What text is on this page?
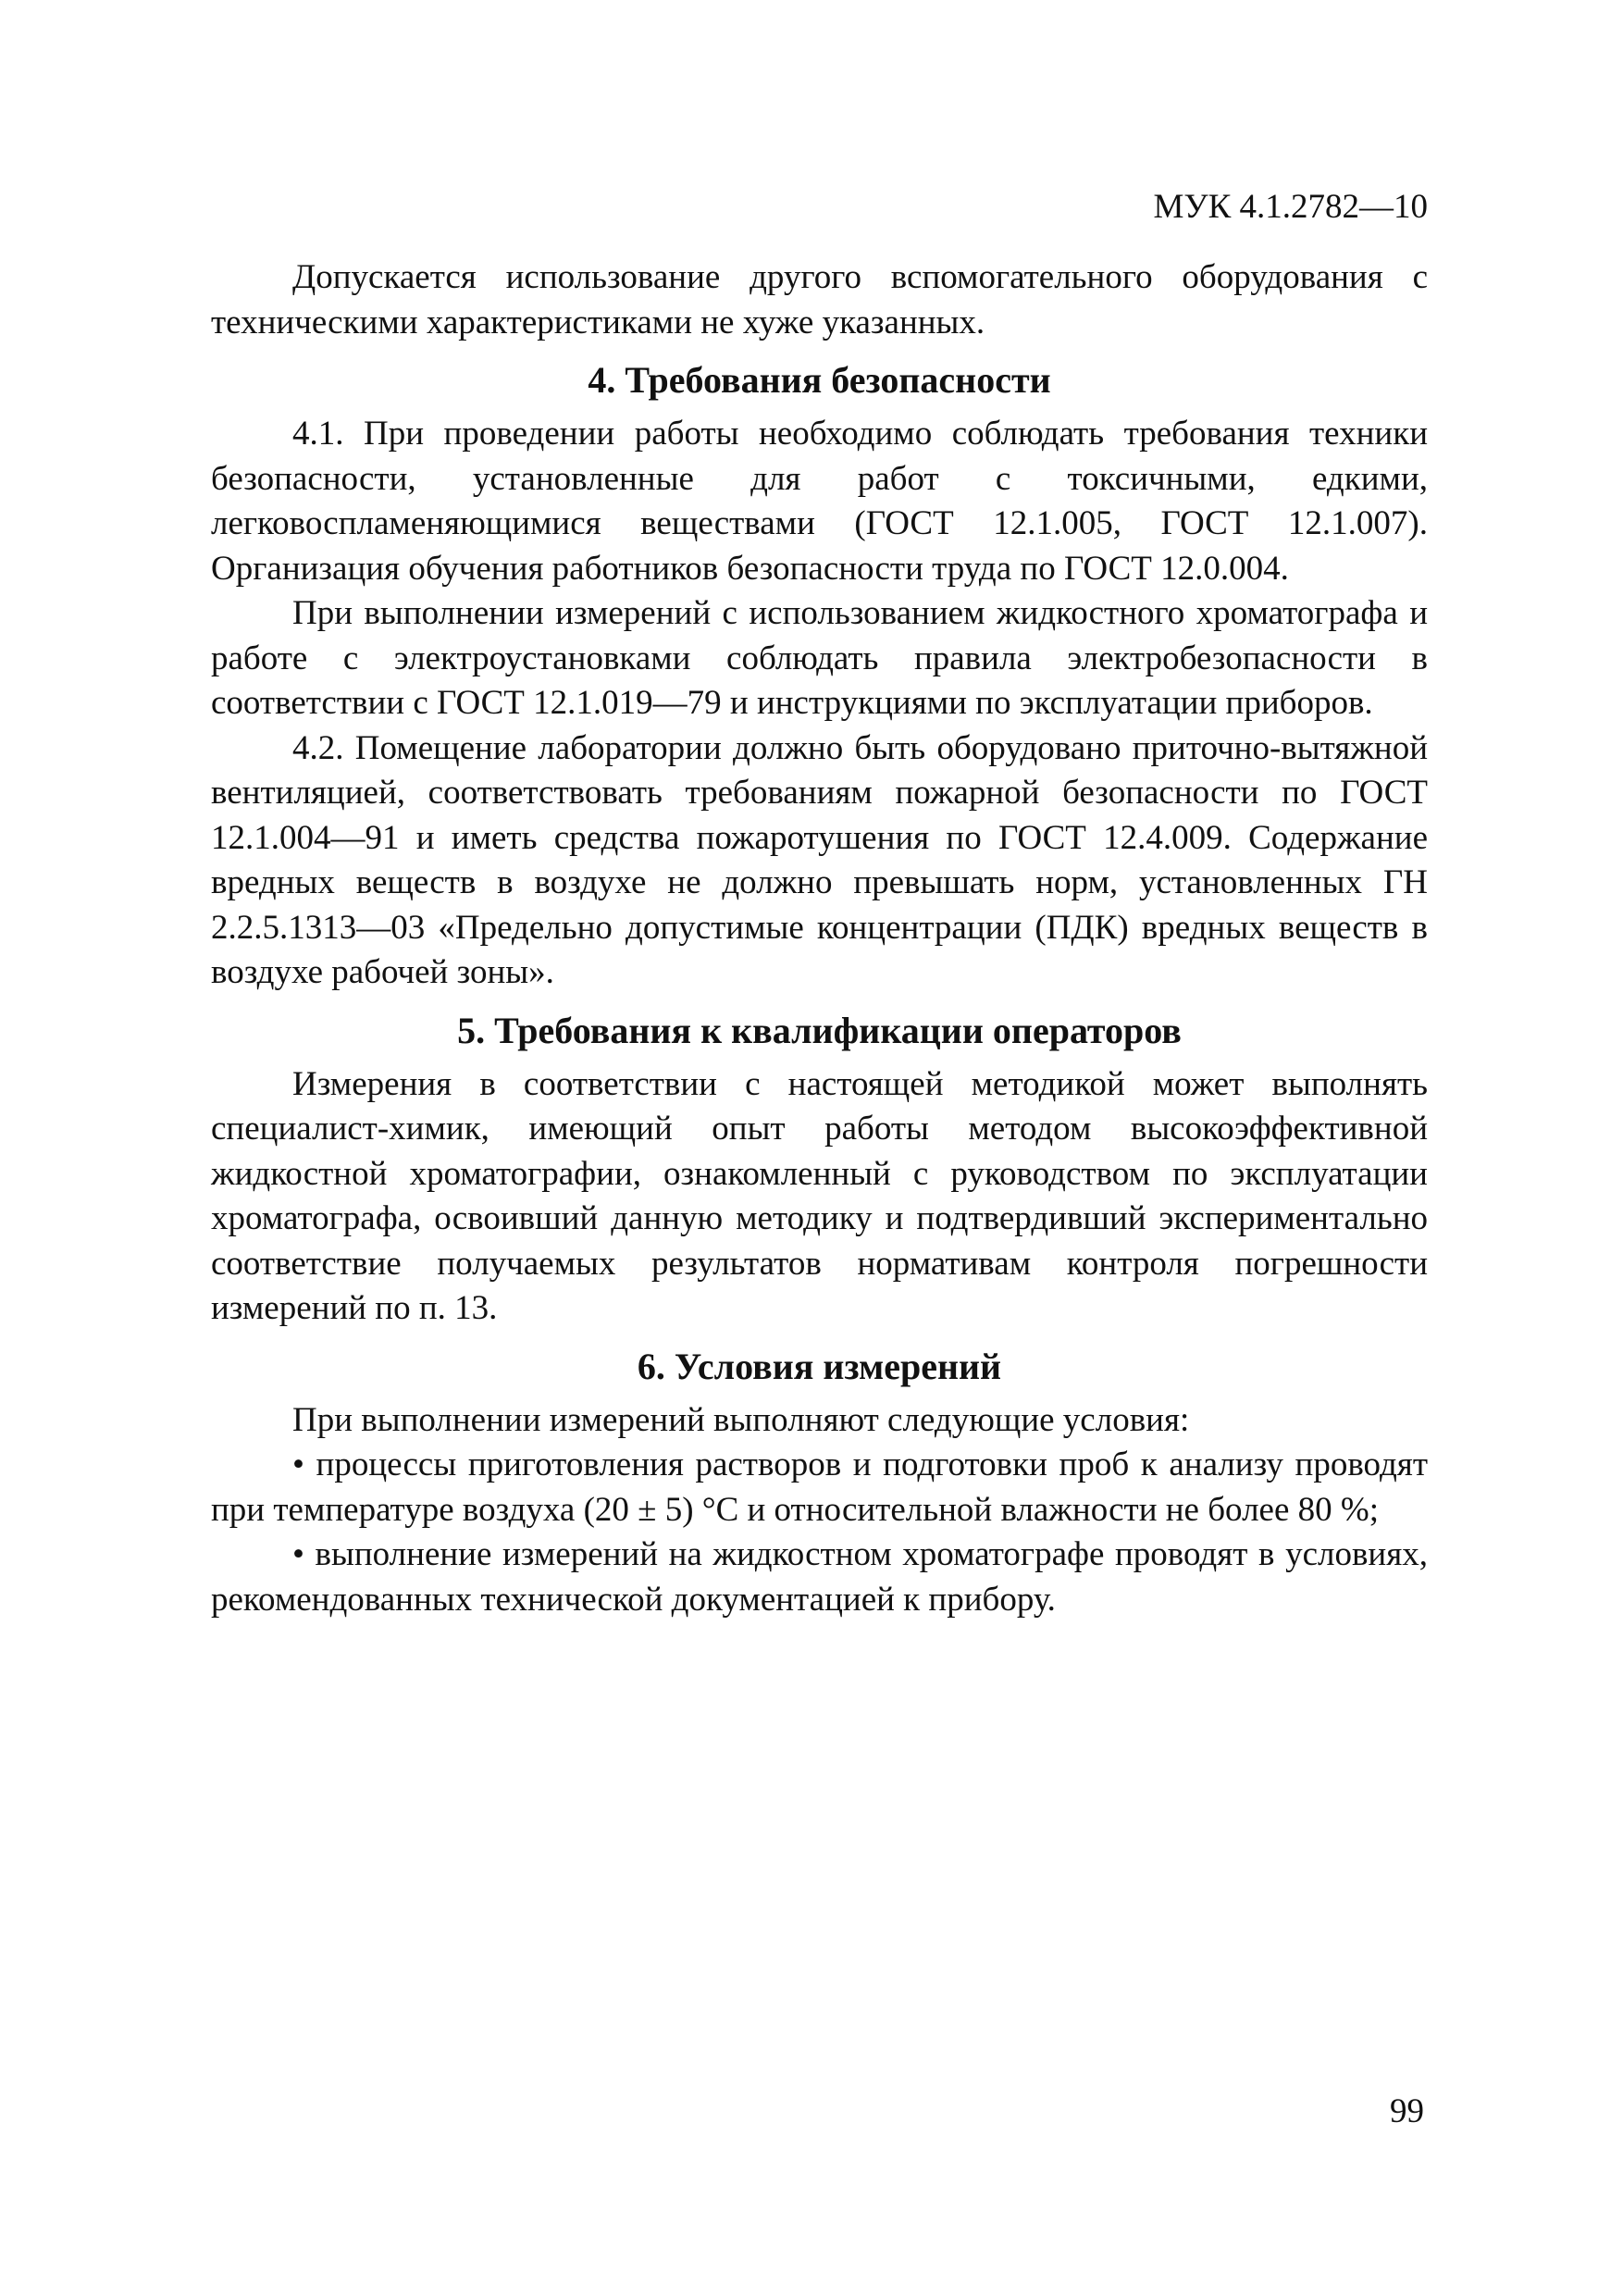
МУК 4.1.2782—10

Допускается использование другого вспомогательного оборудования с техническими характеристиками не хуже указанных.

4. Требования безопасности

4.1. При проведении работы необходимо соблюдать требования техники безопасности, установленные для работ с токсичными, едкими, легковоспламеняющимися веществами (ГОСТ 12.1.005, ГОСТ 12.1.007). Организация обучения работников безопасности труда по ГОСТ 12.0.004.

При выполнении измерений с использованием жидкостного хроматографа и работе с электроустановками соблюдать правила электробезопасности в соответствии с ГОСТ 12.1.019—79 и инструкциями по эксплуатации приборов.

4.2. Помещение лаборатории должно быть оборудовано приточно-вытяжной вентиляцией, соответствовать требованиям пожарной безопасности по ГОСТ 12.1.004—91 и иметь средства пожаротушения по ГОСТ 12.4.009. Содержание вредных веществ в воздухе не должно превышать норм, установленных ГН 2.2.5.1313—03 «Предельно допустимые концентрации (ПДК) вредных веществ в воздухе рабочей зоны».

5. Требования к квалификации операторов

Измерения в соответствии с настоящей методикой может выполнять специалист-химик, имеющий опыт работы методом высокоэффективной жидкостной хроматографии, ознакомленный с руководством по эксплуатации хроматографа, освоивший данную методику и подтвердивший экспериментально соответствие получаемых результатов нормативам контроля погрешности измерений по п. 13.

6. Условия измерений

При выполнении измерений выполняют следующие условия:

• процессы приготовления растворов и подготовки проб к анализу проводят при температуре воздуха (20 ± 5) °С и относительной влажности не более 80 %;

• выполнение измерений на жидкостном хроматографе проводят в условиях, рекомендованных технической документацией к прибору.

99
